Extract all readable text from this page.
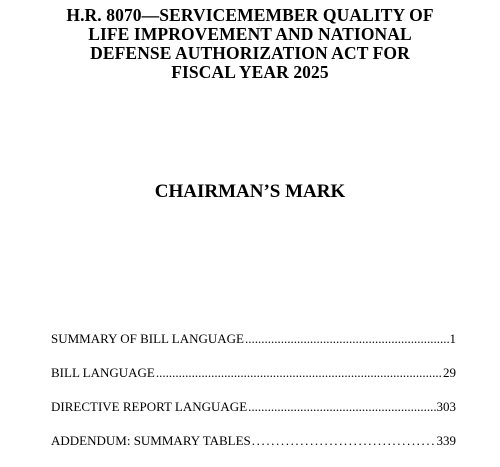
H.R. 8070—SERVICEMEMBER QUALITY OF
LIFE IMPROVEMENT AND NATIONAL
DEFENSE AUTHORIZATION ACT FOR
FISCAL YEAR 2025
CHAIRMAN’S MARK
SUMMARY OF BILL LANGUAGE .....	1
BILL LANGUAGE .....	29
DIRECTIVE REPORT LANGUAGE .....	303
ADDENDUM: SUMMARY TABLES .....	339
